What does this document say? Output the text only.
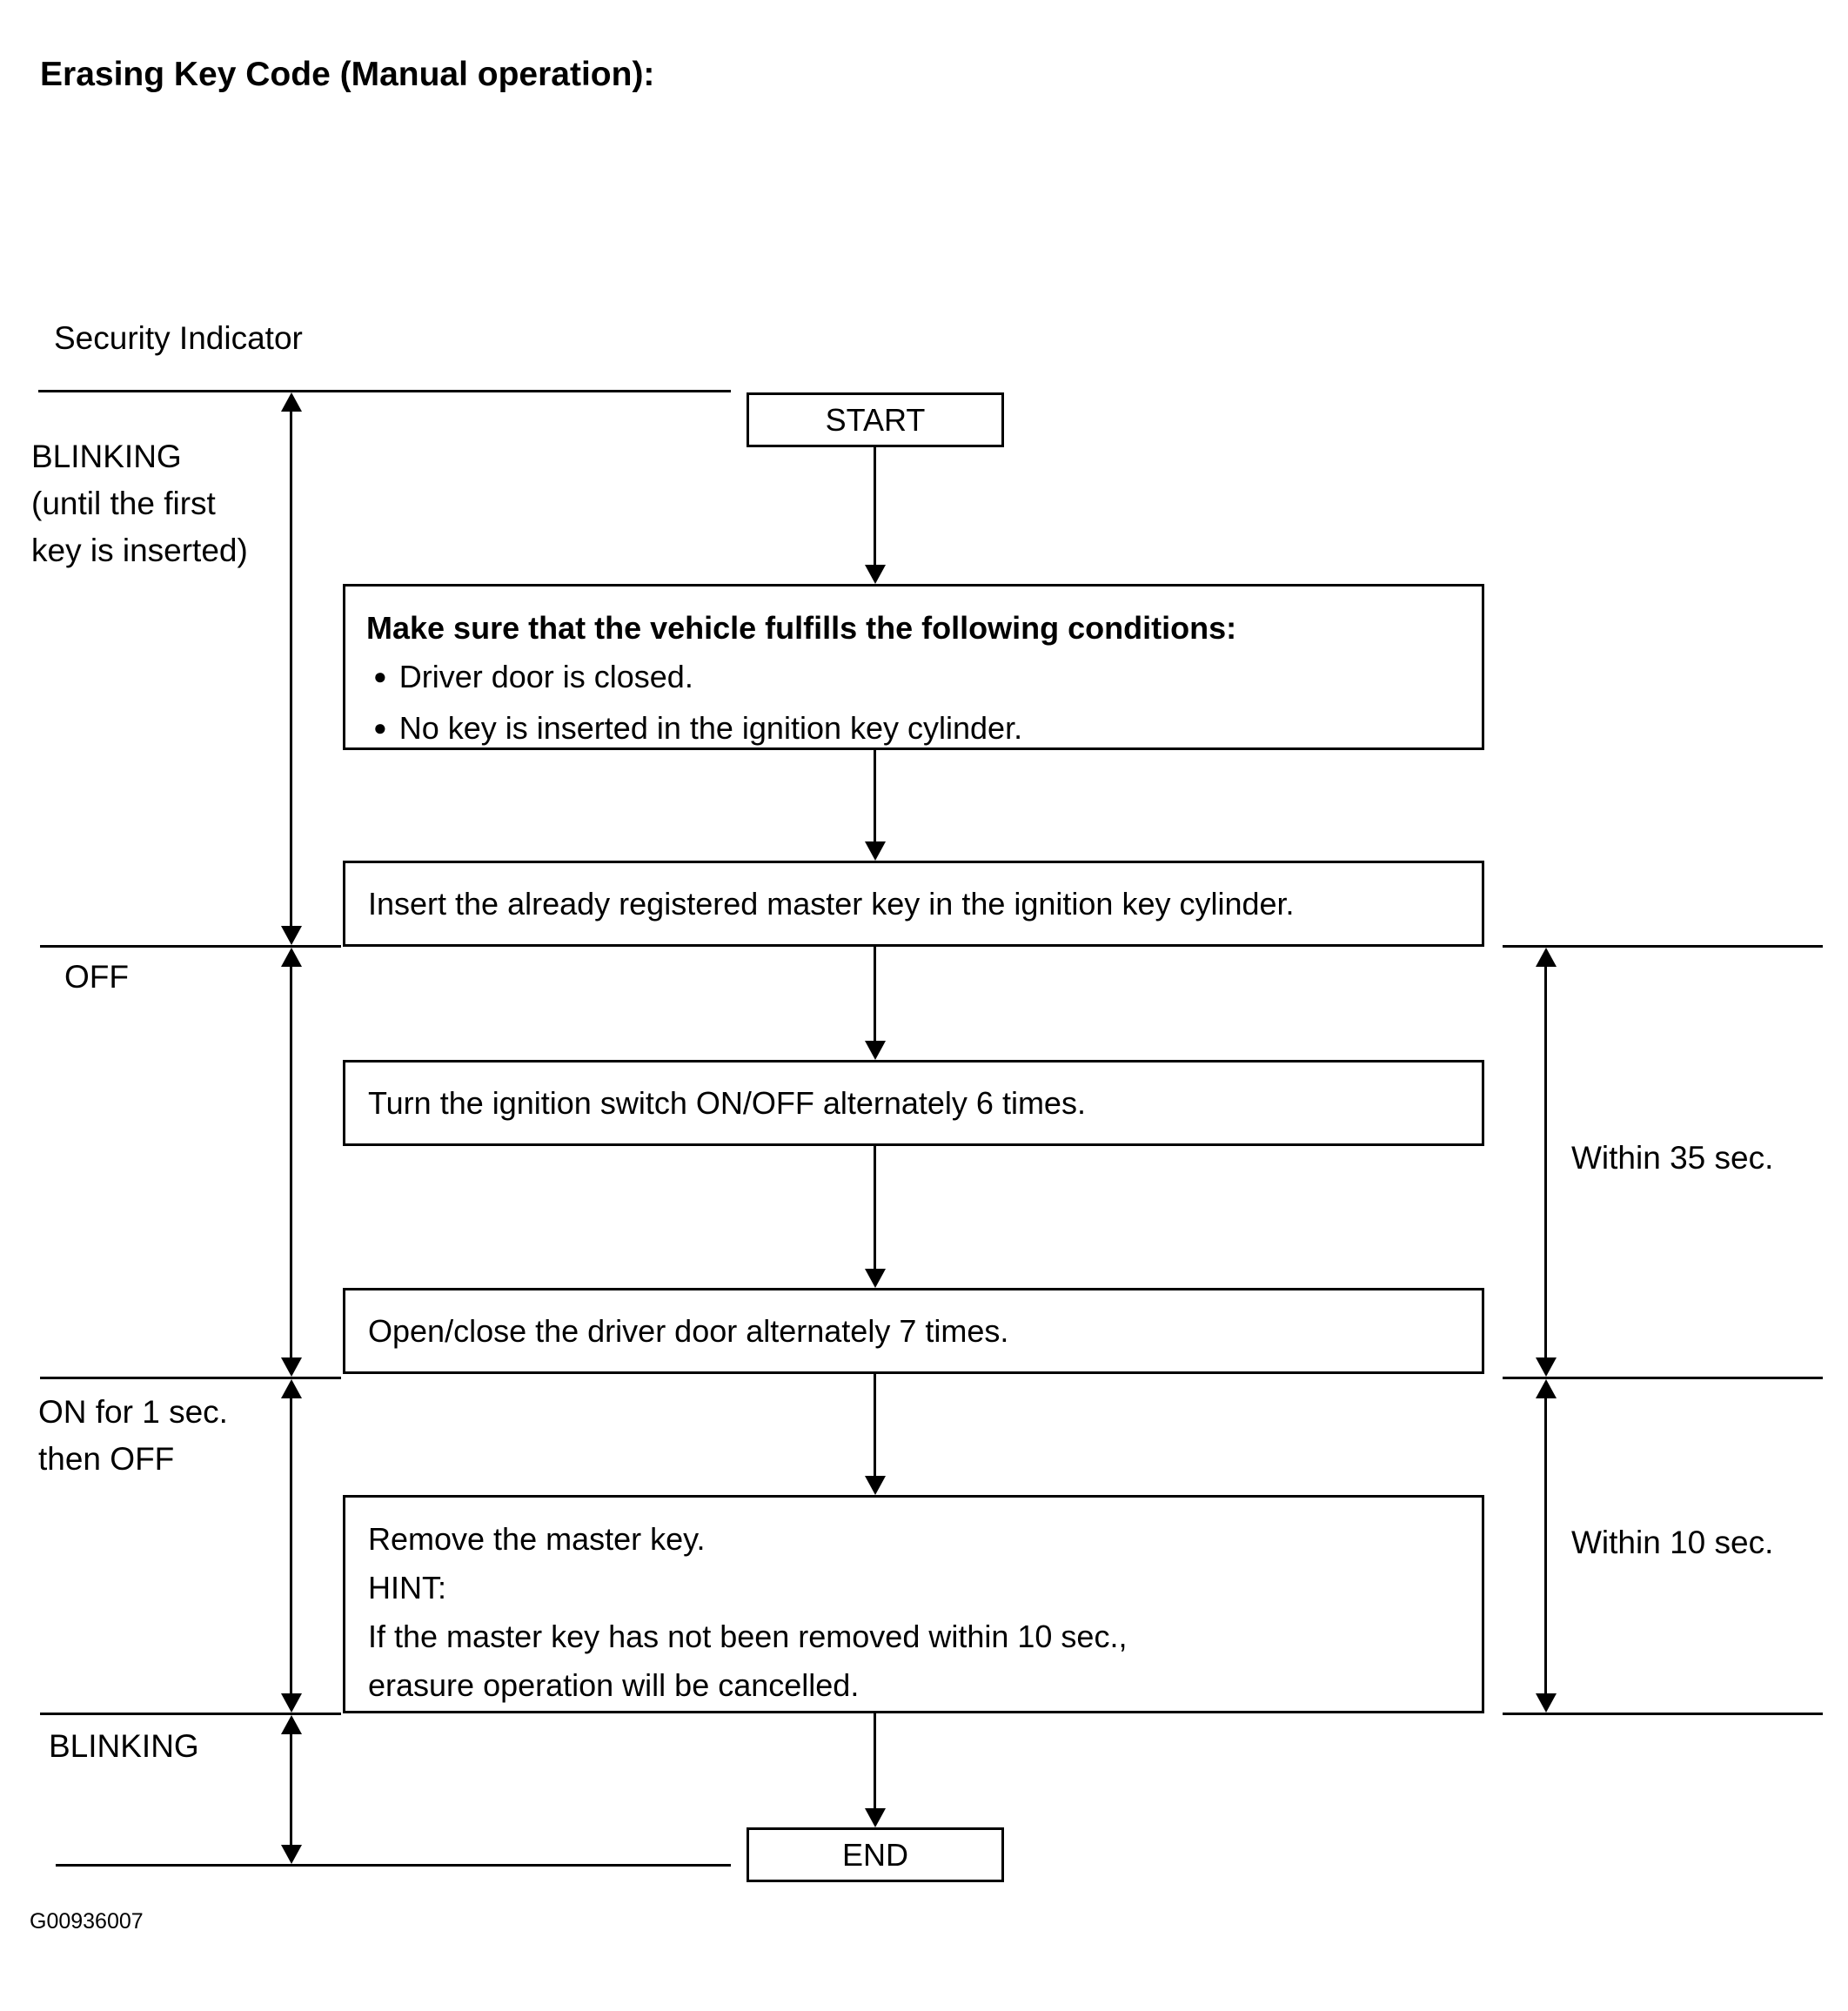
Erasing Key Code (Manual operation):
Security Indicator
BLINKING
(until the first
key is inserted)
OFF
ON for 1 sec.
then OFF
BLINKING
START
Make sure that the vehicle fulfills the following conditions:
● Driver door is closed.
● No key is inserted in the ignition key cylinder.
Insert the already registered master key in the ignition key cylinder.
Turn the ignition switch ON/OFF alternately 6 times.
Open/close the driver door alternately 7 times.
Remove the master key.
HINT:
If the master key has not been removed within 10 sec.,
erasure operation will be cancelled.
END
Within 35 sec.
Within 10 sec.
G00936007
